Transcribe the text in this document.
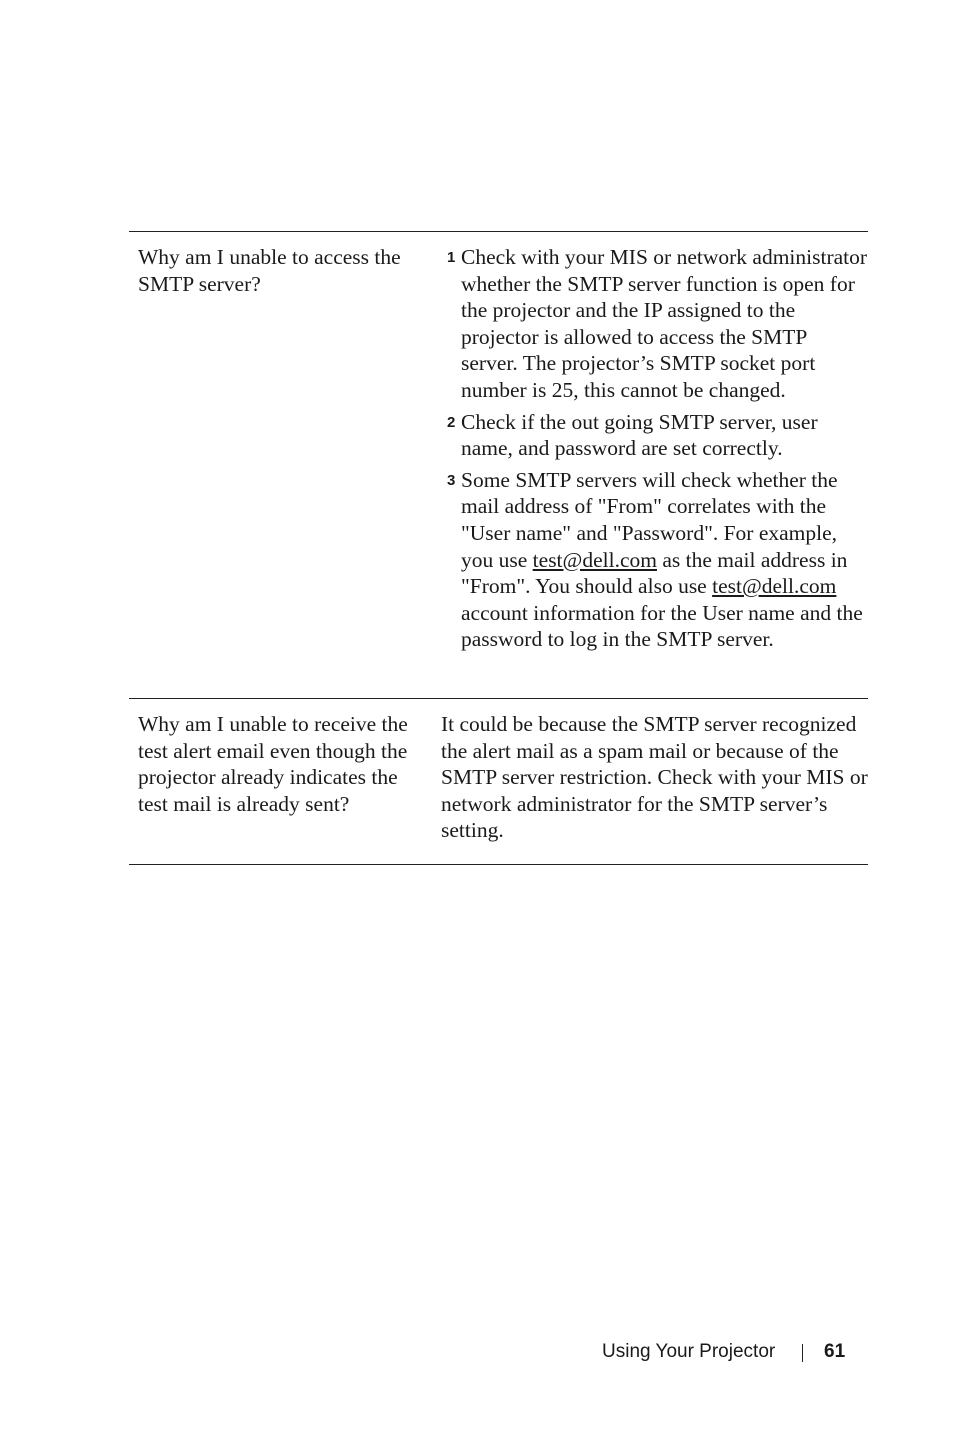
Why am I unable to access the SMTP server?
1 Check with your MIS or network administrator whether the SMTP server function is open for the projector and the IP assigned to the projector is allowed to access the SMTP server. The projector’s SMTP socket port number is 25, this cannot be changed.
2 Check if the out going SMTP server, user name, and password are set correctly.
3 Some SMTP servers will check whether the mail address of "From" correlates with the "User name" and "Password". For example, you use test@dell.com as the mail address in "From". You should also use test@dell.com account information for the User name and the password to log in the SMTP server.
Why am I unable to receive the test alert email even though the projector already indicates the test mail is already sent?
It could be because the SMTP server recognized the alert mail as a spam mail or because of the SMTP server restriction. Check with your MIS or network administrator for the SMTP server’s setting.
Using Your Projector	61
